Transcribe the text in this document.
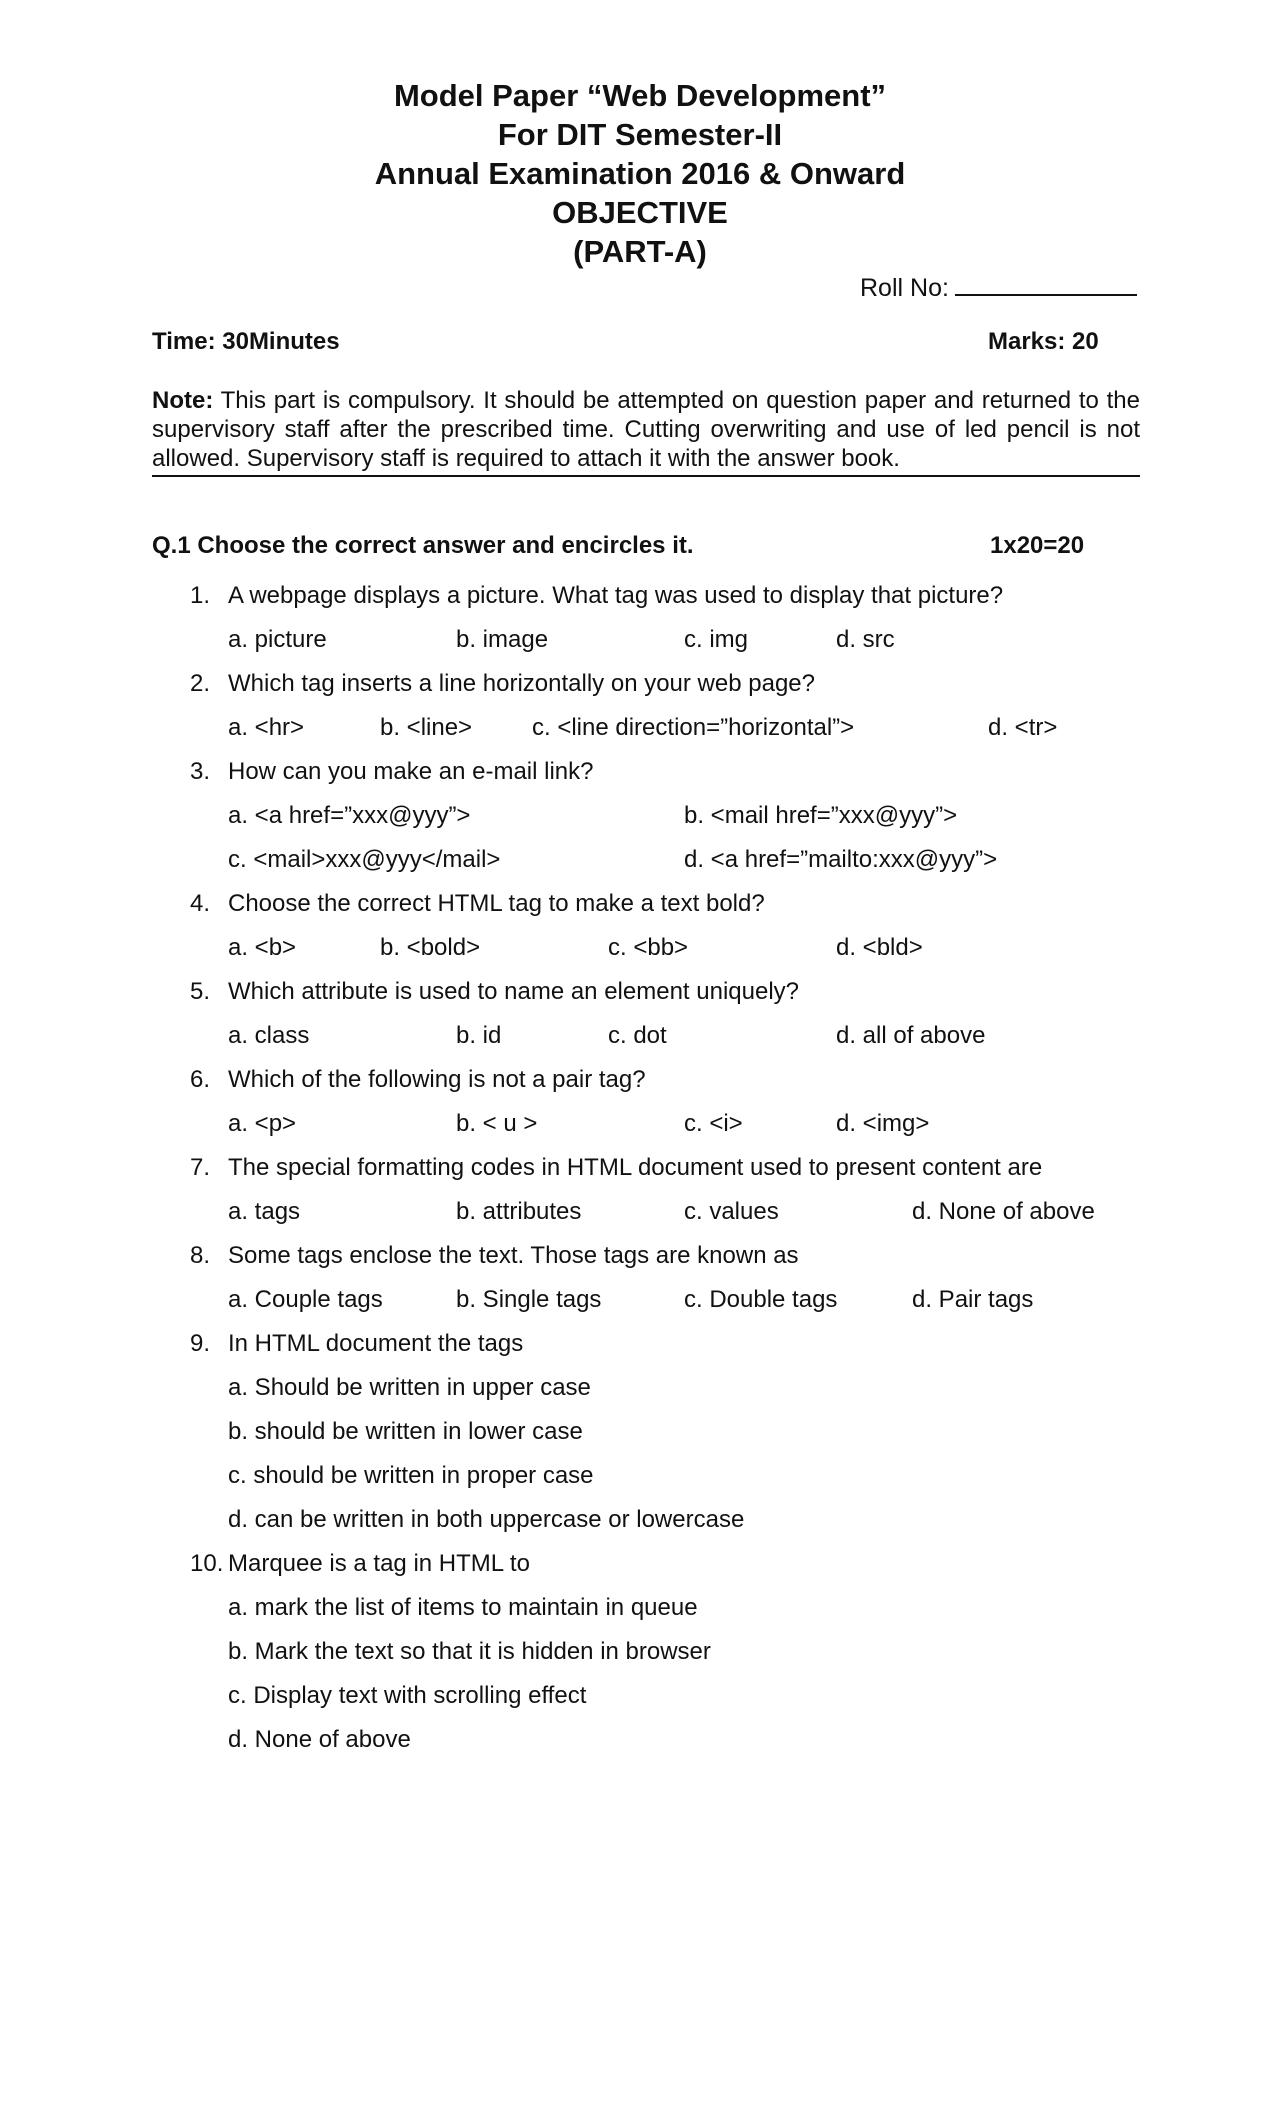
Model Paper “Web Development”
For DIT Semester-II
Annual Examination 2016 & Onward
OBJECTIVE
(PART-A)
Roll No:
Time: 30Minutes	Marks: 20
Note: This part is compulsory. It should be attempted on question paper and returned to the supervisory staff after the prescribed time. Cutting overwriting and use of led pencil is not allowed. Supervisory staff is required to attach it with the answer book.
Q.1 Choose the correct answer and encircles it.	1x20=20
1. A webpage displays a picture. What tag was used to display that picture?
a. picture	b. image	c. img	d. src
2. Which tag inserts a line horizontally on your web page?
a. <hr>	b. <line> c. <line direction=”horizontal”>	d. <tr>
3. How can you make an e-mail link?
a. <a href=”xxx@yyy”>	b. <mail href=”xxx@yyy”>
c. <mail>xxx@yyy</mail>	d. <a href=”mailto:xxx@yyy”>
4. Choose the correct HTML tag to make a text bold?
a. <b>	b. <bold>	c. <bb>	d. <bld>
5. Which attribute is used to name an element uniquely?
a. class	b. id	c. dot	d. all of above
6. Which of the following is not a pair tag?
a. <p>	b. < u >	c. <i>	d. <img>
7. The special formatting codes in HTML document used to present content are
a. tags	b. attributes	c. values	d. None of above
8. Some tags enclose the text. Those tags are known as
a. Couple tags	b. Single tags	c. Double tags	d. Pair tags
9. In HTML document the tags
a. Should be written in upper case
b. should be written in lower case
c. should be written in proper case
d. can be written in both uppercase or lowercase
10. Marquee is a tag in HTML to
a. mark the list of items to maintain in queue
b. Mark the text so that it is hidden in browser
c. Display text with scrolling effect
d. None of above
